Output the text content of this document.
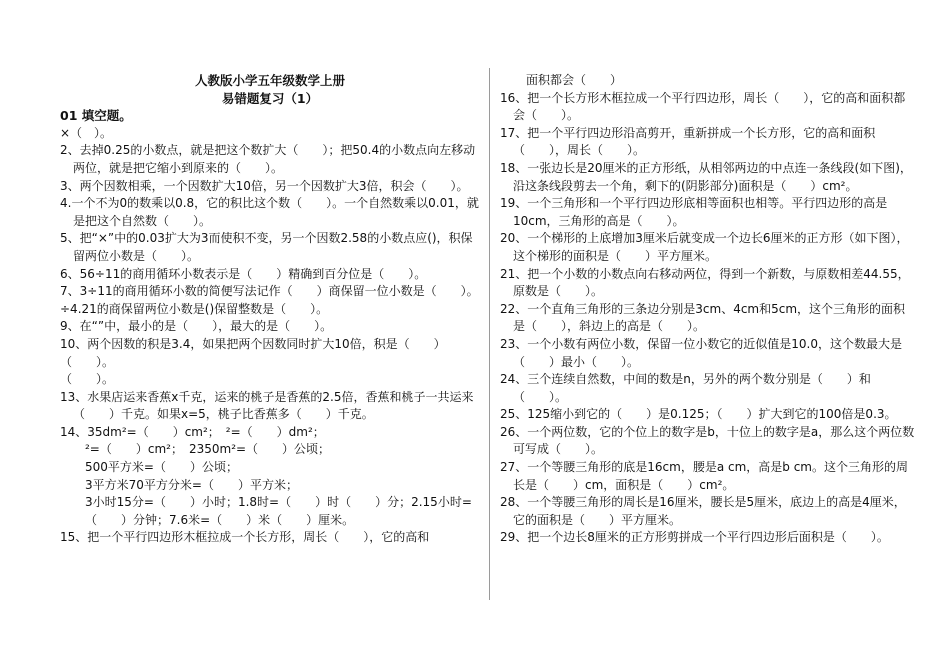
人教版小学五年级数学上册
易错题复习（1）
01 填空题。
×（　）。
2、去掉0.25的小数点，就是把这个数扩大（　　）；把50.4的小数点向左移动两位，就是把它缩小到原来的（　　）。
3、两个因数相乘，一个因数扩大10倍，另一个因数扩大3倍，积会（　　）。
4.一个不为0的数乘以0.8，它的积比这个数（　　）。一个自然数乘以0.01，就是把这个自然数（　　）。
5、把“×”中的0.03扩大为3而使积不变，另一个因数2.58的小数点应()，积保留两位小数是（　　）。
6、56÷11的商用循环小数表示是（　　）精确到百分位是（　　）。
7、3÷11的商用循环小数的简便写法记作（　　）商保留一位小数是（　　）。
÷4.21的商保留两位小数是()保留整数是（　　）。
9、在“”中，最小的是（　　），最大的是（　　）。
10、两个因数的积是3.4，如果把两个因数同时扩大10倍，积是（　　）
（　　）。
（　　）。
13、水果店运来香蕉x千克，运来的桃子是香蕉的2.5倍，香蕉和桃子一共运来（　　）千克。如果x=5，桃子比香蕉多（　　）千克。
14、35dm²=（　　）cm²；　²=（　　）dm²；
²=（　　）cm²；　2350m²=（　　）公顷；
500平方米=（　　）公顷；
3平方米70平方分米=（　　）平方米；
3小时15分=（　　）小时；1.8时=（　　）时（　　）分；2.15小时=（　　）分钟；7.6米=（　　）米（　　）厘米。
15、把一个平行四边形木框拉成一个长方形，周长（　　），它的高和
面积都会（　　）
16、把一个长方形木框拉成一个平行四边形，周长（　　），它的高和面积都会（　　）。
17、把一个平行四边形沿高剪开，重新拼成一个长方形，它的高和面积（　　），周长（　　）。
18、一张边长是20厘米的正方形纸，从相邻两边的中点连一条线段(如下图)，沿这条线段剪去一个角，剩下的(阴影部分)面积是（　　）cm²。
19、一个三角形和一个平行四边形底相等面积也相等。平行四边形的高是10cm，三角形的高是（　　）。
20、一个梯形的上底增加3厘米后就变成一个边长6厘米的正方形（如下图），这个梯形的面积是（　　）平方厘米。
21、把一个小数的小数点向右移动两位，得到一个新数，与原数相差44.55，原数是（　　）。
22、一个直角三角形的三条边分别是3cm、4cm和5cm，这个三角形的面积是（　　），斜边上的高是（　　）。
23、一个小数有两位小数，保留一位小数它的近似值是10.0，这个数最大是（　　）最小（　　）。
24、三个连续自然数，中间的数是n，另外的两个数分别是（　　）和（　　）。
25、125缩小到它的（　　）是0.125；（　　）扩大到它的100倍是0.3。
26、一个两位数，它的个位上的数字是b，十位上的数字是a，那么这个两位数可写成（　　）。
27、一个等腰三角形的底是16cm，腰是a cm，高是b cm。这个三角形的周长是（　　）cm，面积是（　　）cm²。
28、一个等腰三角形的周长是16厘米，腰长是5厘米，底边上的高是4厘米，它的面积是（　　）平方厘米。
29、把一个边长8厘米的正方形剪拼成一个平行四边形后面积是（　　）。
